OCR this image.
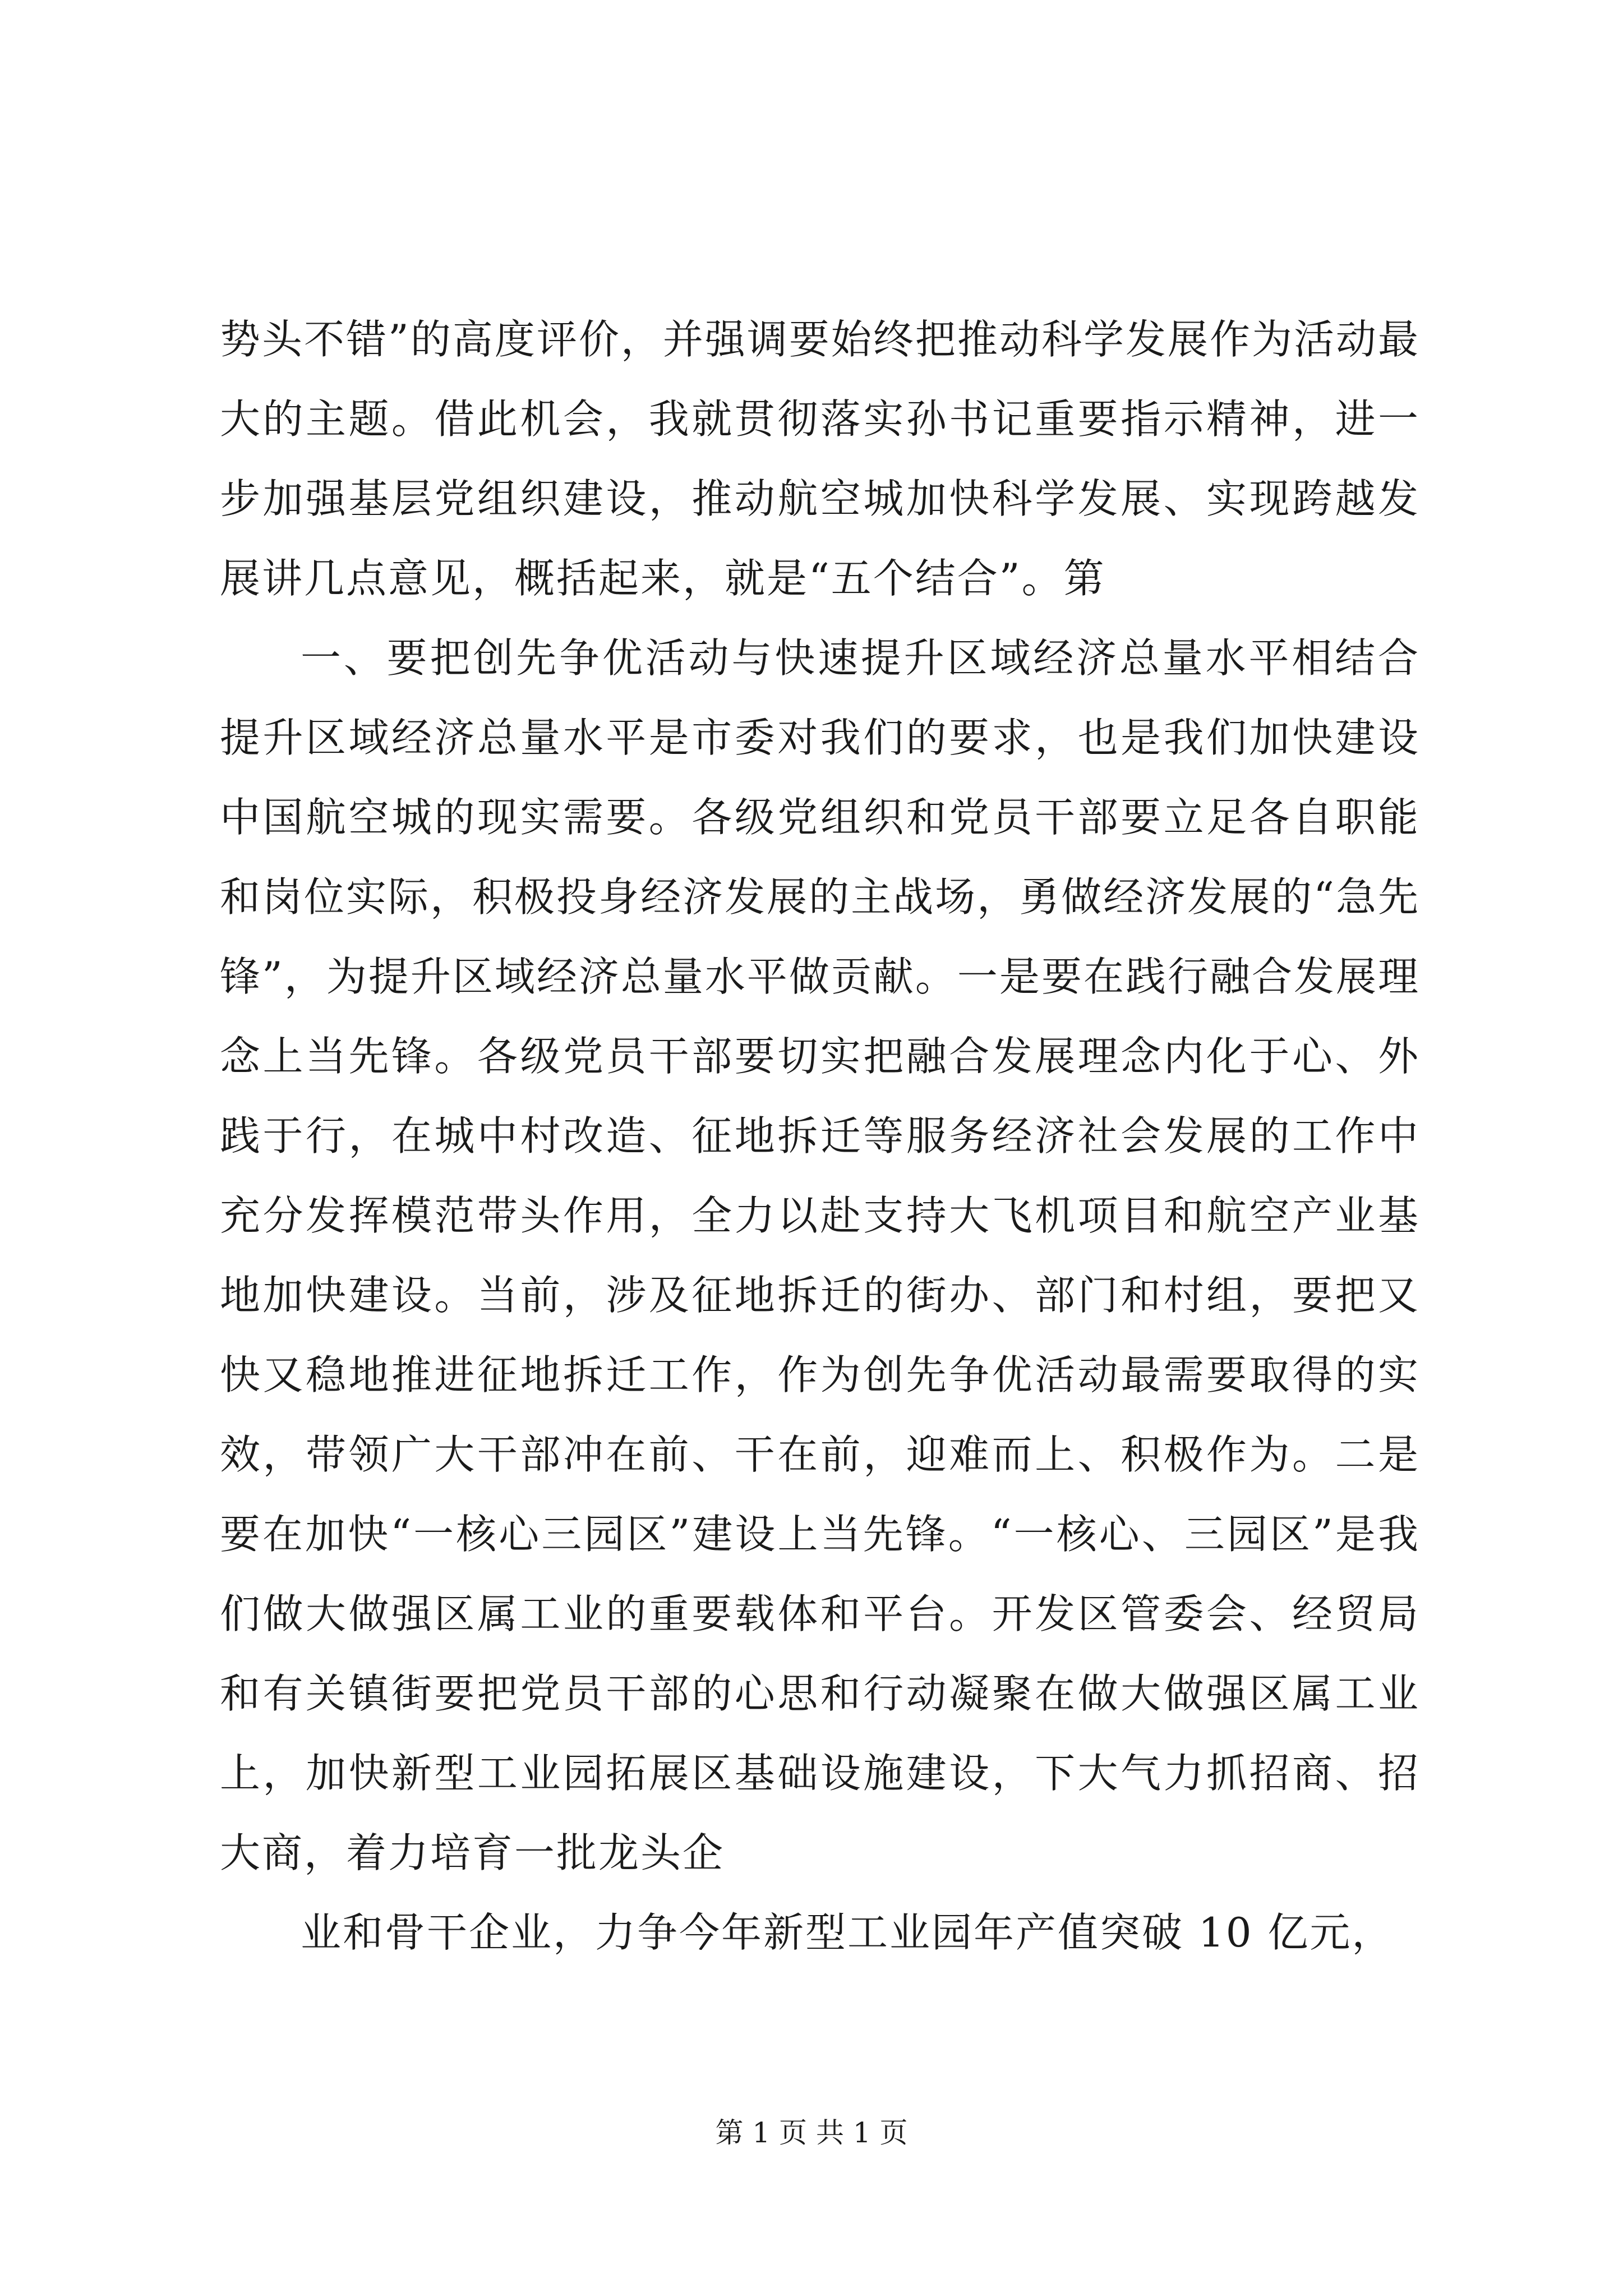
势头不错”的高度评价，并强调要始终把推动科学发展作为活动最大的主题。借此机会，我就贯彻落实孙书记重要指示精神，进一步加强基层党组织建设，推动航空城加快科学发展、实现跨越发展讲几点意见，概括起来，就是“五个结合”。第

一、要把创先争优活动与快速提升区域经济总量水平相结合提升区域经济总量水平是市委对我们的要求，也是我们加快建设中国航空城的现实需要。各级党组织和党员干部要立足各自职能和岗位实际，积极投身经济发展的主战场，勇做经济发展的“急先锋”，为提升区域经济总量水平做贡献。一是要在践行融合发展理念上当先锋。各级党员干部要切实把融合发展理念内化于心、外践于行，在城中村改造、征地拆迁等服务经济社会发展的工作中充分发挥模范带头作用，全力以赴支持大飞机项目和航空产业基地加快建设。当前，涉及征地拆迁的街办、部门和村组，要把又快又稳地推进征地拆迁工作，作为创先争优活动最需要取得的实效，带领广大干部冲在前、干在前，迎难而上、积极作为。二是要在加快“一核心三园区”建设上当先锋。“一核心、三园区”是我们做大做强区属工业的重要载体和平台。开发区管委会、经贸局和有关镇街要把党员干部的心思和行动凝聚在做大做强区属工业上，加快新型工业园拓展区基础设施建设，下大气力抓招商、招大商，着力培育一批龙头企

业和骨干企业，力争今年新型工业园年产值突破 10 亿元，

第 1 页 共 1 页
